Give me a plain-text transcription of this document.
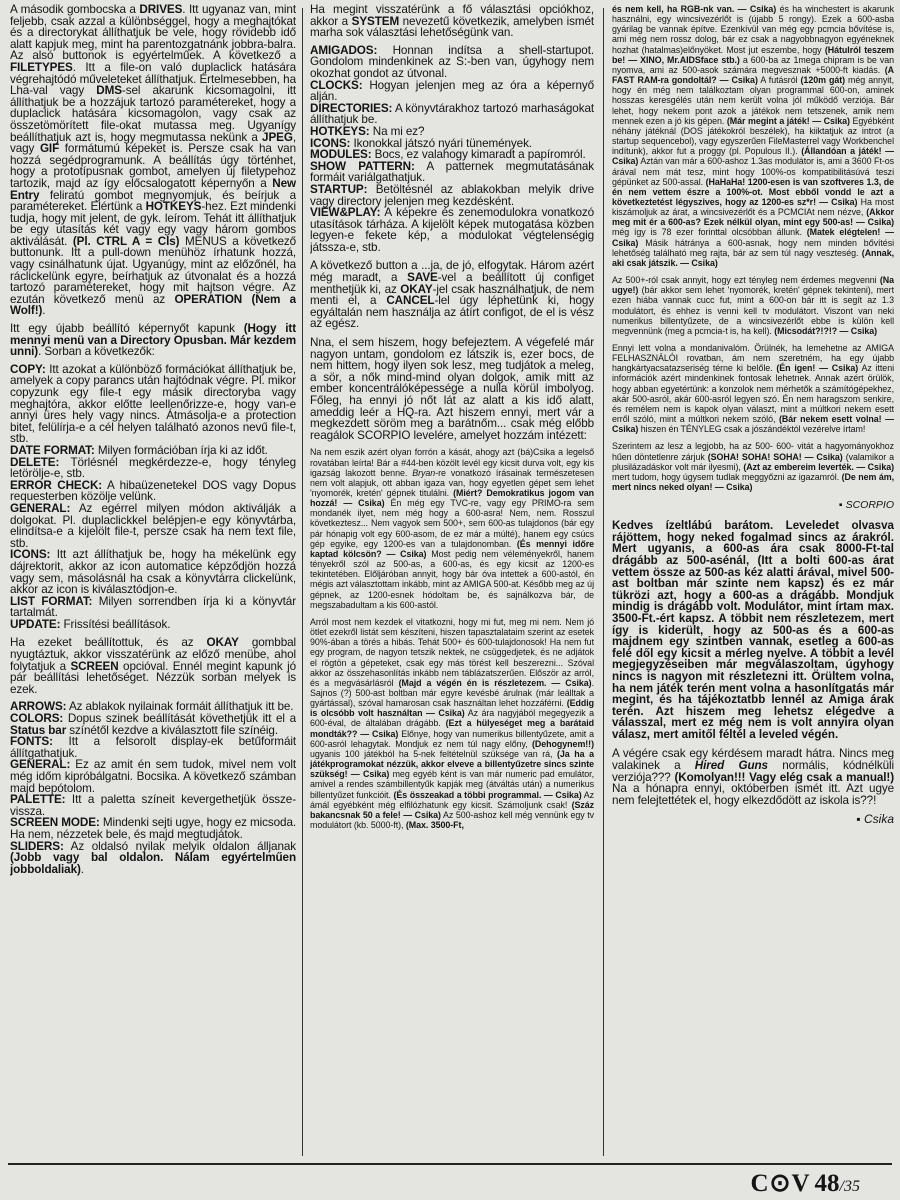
A második gombocska a DRIVES. Itt ugyanaz van, mint feljebb, csak azzal a különbséggel, hogy a meghajtókat és a directorykat állíthatjuk be vele, hogy rövidebb idő alatt kapjuk meg, mint ha parentozgatnánk jobbra-balra. Az alsó buttonok is egyértelműek. A következő a FILETYPES. Itt a file-on való duplaclick hatására végrehajtódó műveleteket állíthatjuk. Értelmesebben, ha Lha-val vagy DMS-sel akarunk kicsomagolni, itt állíthatjuk be a hozzájuk tartozó paramétereket, hogy a duplaclick hatására kicsomagolon, vagy csak az összetömörített file-okat mutassa meg. Ugyanígy beállíthatjuk azt is, hogy megmutassa nekünk a JPEG, vagy GIF formátumú képeket is. Persze csak ha van hozzá segédprogramunk. A beállítás úgy történhet, hogy a prototípusnak gombot, amelyen új filetypehoz tartozik, majd az így előcsalogatott képernyőn a New Entry feliratú gombot megnyomjuk, és beírjuk a paramétereket. Elértünk a HOTKEYS-hez. Ezt mindenki tudja, hogy mit jelent, de gyk. leírom. Tehát itt állíthatjuk be egy utasítás két vagy egy vagy három gombos aktiválását. (Pl. CTRL A = Cls) MENUS a következő buttonunk. Itt a pull-down menühöz írhatunk hozzá, vagy csinálhatunk újat. Ugyanúgy, mint az előzőnél, ha ráclickelünk egyre, beírhatjuk az útvonalat és a hozzá tartozó paramétereket, hogy mit hajtson végre. Az ezután következő menü az OPERATION (Nem a Wolf!).

Itt egy újabb beállító képernyőt kapunk (Hogy itt mennyi menü van a Directory Opusban. Már kezdem unni). Sorban a következők:

COPY: Itt azokat a különböző formációkat állíthatjuk be, amelyek a copy parancs után hajtódnak végre. Pl. mikor copyzunk egy file-t egy másik directoryba vagy meghajtóra, akkor előtte leellenőrizze-e, hogy van-e annyi üres hely vagy nincs. Átmásolja-e a protection bitet, felülírja-e a cél helyen található azonos nevű file-t, stb.

DATE FORMAT: Milyen formációban írja ki az időt.

DELETE: Törlésnél megkérdezze-e, hogy tényleg letörölje-e, stb.

ERROR CHECK: A hibaüzenetekel DOS vagy Dopus requesterben közölje velünk.

GENERAL: Az egérrel milyen módon aktiválják a dolgokat. Pl. duplaclickkel belépjen-e egy könyvtárba, elindítsa-e a kijelölt file-t, persze csak ha nem text file, stb.

ICONS: Itt azt állíthatjuk be, hogy ha mékelünk egy dájrektorit, akkor az icon automatice képződjön hozzá vagy sem, másolásnál ha csak a könyvtárra clickelünk, akkor az icon is kiválasztódjon-e.

LIST FORMAT: Milyen sorrendben írja ki a könyvtár tartalmát.

UPDATE: Frissítési beállítások.

Ha ezeket beállítottuk, és az OKAY gombbal nyugtáztuk, akkor visszatérünk az előző menübe, ahol folytatjuk a SCREEN opcióval. Ennél megint kapunk jó pár beállítási lehetőséget. Nézzük sorban melyek is ezek.

ARROWS: Az ablakok nyilainak formáit állíthatjuk itt be.

COLORS: Dopus szinek beállítását követhetjük itt el a Status bar színétől kezdve a kiválasztott file színéig.

FONTS: Itt a felsorolt display-ek betűformáit állítgathatjuk.

GENERAL: Ez az amit én sem tudok, mivel nem volt még időm kipróbálgatni. Bocsika. A következő számban majd bepótolom.

PALETTE: Itt a paletta színeit kevergethetjük össze-vissza.

SCREEN MODE: Mindenki sejti ugye, hogy ez micsoda. Ha nem, nézzetek bele, és majd megtudjátok.

SLIDERS: Az oldalsó nyilak melyik oldalon álljanak (Jobb vagy bal oldalon. Nálam egyértelműen jobboldaliak).

Ha megint visszatérünk a fő választási opciókhoz, akkor a SYSTEM nevezetű következik, amelyben ismét marha sok választási lehetőségünk van.

AMIGADOS: Honnan indítsa a shell-startupot. Gondolom mindenkinek az S:-ben van, úgyhogy nem okozhat gondot az útvonal.

CLOCKS: Hogyan jelenjen meg az óra a képernyő alján.

DIRECTORIES: A könyvtárakhoz tartozó marhaságokat állíthatjuk be.

HOTKEYS: Na mi ez?

ICONS: Ikonokkal játszó nyári tünemények.

MODULES: Bocs, ez valahogy kimaradt a papíromról.

SHOW PATTERN: A patternek megmutatásának formáit variálgathatjuk.

STARTUP: Betöltésnél az ablakokban melyik drive vagy directory jelenjen meg kezdésként.

VIEW&PLAY: A képekre és zenemodulokra vonatkozó utasítások tárháza. A kijelölt képek mutogatása közben legyen-e fekete kép, a modulokat végtelenségig játssza-e, stb.

A következő button a ...ja, de jó, elfogytak. Három azért még maradt, a SAVE-vel a beállított új configet menthetjük ki, az OKAY-jel csak használhatjuk, de nem menti el, a CANCEL-lel úgy léphetünk ki, hogy egyáltalán nem használja az átírt configot, de el is vész az egész.

Nna, el sem hiszem, hogy befejeztem. A végefelé már nagyon untam, gondolom ez látszik is, ezer bocs, de nem hittem, hogy ilyen sok lesz, meg tudjátok a meleg, a sör, a nők mind-mind olyan dolgok, amik mitt az ember koncentrálóképessége a nulla körül imbolyog. Főleg, ha ennyi jó nőt lát az alatt a kis idő alatt, ameddig leér a HQ-ra. Azt hiszem ennyi, mert vár a megkezdett söröm meg a barátnőm... csak még előbb reagálok SCORPIO levelére, amelyet hozzám intézett:

Na nem eszik azért olyan forrón a kását, ahogy azt (bá)Csika a legelső rovatában leírta! Bár a #44-ben közölt levél egy kicsit durva volt, egy kis igazság lakozott benne. Bryan-re vonatkozó írásainak természetesen nem volt alapjuk, ott abban igaza van, hogy egyetlen gépet sem lehet 'nyomorék, kretén' gépnek titulálni. (Miért? Demokratikus jogom van hozzá! — Csika) Én még egy TVC-re, vagy egy PRIMO-ra sem mondanék ilyet, nem még hogy a 600-asra! Nem, nem. Rosszul következtesz... Nem vagyok sem 500+, sem 600-as tulajdonos (bár egy pár hónapig volt egy 600-asom, de ez már a múlté), hanem egy csúcs gép egyike, egy 1200-es van a tulajdonomban. (És mennyi időre kaptad kölcsön? — Csika) Most pedig nem véleményekről, hanem tényekről szól az 500-as, a 600-as, és egy kicsit az 1200-es tekintetében. Előljáróban annyit, hogy bár óva intettek a 600-astól, én mégis azt választottam inkább, mint az AMIGA 500-at. Később meg az új gépnek, az 1200-esnek hódoltam be, és sajnálkozva bár, de megszabadultam a kis 600-astól.

Arról most nem kezdek el vitatkozni, hogy mi fut, meg mi nem. Nem jó ötlet ezekről listát sem készíteni, hiszen tapasztalataim szerint az esetek 90%-ában a törés a hibás. Tehát 500+ és 600-tulajdonosok! Ha nem fut egy program, de nagyon tetszik nektek, ne csüggedjetek, és ne adjátok el rögtön a gépeteket, csak egy más törést kell beszerezni... Szóval akkor az összehasonlítás inkább nem táblázatszerűen. Először az arról, és a megvásárlásról (Majd a végén én is részletezem. — Csika). Sajnos (?) 500-ast boltban már egyre kevésbé árulnak (már leálltak a gyártással), szóval hamarosan csak használtan lehet hozzáférni. (Eddig is olcsóbb volt használtan — Csika) Az ára nagyjából megegyezik a 600-éval, de általában drágább. (Ezt a hülyeséget meg a barátaid mondták?? — Csika) Előnye, hogy van numerikus billentyűzete, amit a 600-asról lehagytak. Mondjuk ez nem túl nagy előny, (Dehogynem!!) ugyanis 100 játékból ha 5-nek feltételnül szüksége van rá, (Ja ha a játékprogramokat nézzük, akkor elveve a billentyűzetre sincs szinte szükség! — Csika) meg egyéb ként is van már numeric pad emulátor, amivel a rendes számbillentyűk kapják meg (átváltás után) a numerikus billentyűzet funkcióit. (És összeakad a többi programmal. — Csika) Az ámál egyébként még elfilózhatunk egy kicsit. Számoljunk csak! (Száz bakancsnak 50 a fele! — Csika) Az 500-ashoz kell még vennünk egy tv modulátort (kb. 5000-ft), (Max. 3500-Ft,

és nem kell, ha RGB-nk van. — Csika) és ha winchestert is akarunk használni, egy wincsivezérlőt is (újabb 5 rongy). Ezek a 600-asba gyárilag be vannak építve. Ezenkívül van még egy pcmcia bővítése is, ami még nem rossz dolog, bár ez csak a nagyobbnagyon egyéneknek hozhat (hatalmas)előnyöket. Most jut eszembe, hogy (Hátulról teszem be! — XINO, Mr.AIDSface stb.) a 600-ba az 1mega chipram is be van nyomva, ami az 500-asok számára megvesznak +5000-ft kiadás. (A FAST RAM-ra gondoltál? — Csika) A futásról (120m gát) még annyit, hogy én még nem találkoztam olyan programmal 600-on, aminek hosszas keresgélés után nem került volna jól működő verziója. Bár lehet, hogy nekem pont azok a játékok nem tetszenek, amik nem mennek ezen a jó kis gépen. (Már megint a játék! — Csika) Egyébként néhány játéknál (DOS játékokról beszélek), ha kiiktatjuk az introt (a startup sequencebol), vagy egyszerűen FileMasterrel vagy Workbenchel indítunk), akkor fut a proggy (pl. Populous II.). (Állandóan a játék! — Csika) Aztán van már a 600-ashoz 1.3as modulátor is, ami a 3600 Ft-os árával nem mát tesz, mint hogy 100%-os kompatibilitásúvá teszi gépünket az 500-assal. (HaHaHa! 1200-esen is van szoftveres 1.3, de én nem vettem észre a 100%-ot. Most ebből vondd le azt a következtetést légyszives, hogy az 1200-es sz*r! — Csika) Ha most kiszámoljuk az árat, a wincsivezérlőt és a PCMCIAt nem nézve, (Akkor meg mit ér a 600-as? Ezek nélkül olyan, mint egy 500-as! — Csika) még így is 78 ezer forinttal olcsóbban állunk. (Matek elégtelen! — Csika) Másik hátránya a 600-asnak, hogy nem minden bővítési lehetőség található meg rajta, bár az sem túl nagy veszteség. (Annak, aki csak játszik. — Csika)

Az 500+-ról csak annyit, hogy ezt tényleg nem érdemes megvenni (Na ugye!) (bár akkor sem lehet 'nyomorék, kretén' gépnek tekinteni), mert ezen hiába vannak cucc fut, mint a 600-on bár itt is segít az 1.3 modulátort, és ehhez is venni kell tv modulátort. Viszont van neki numerikus billentyűzete, de a wincsivezérlőt ebbe is külön kell megvennünk (meg a pcmcia-t is, ha kell). (Micsodát?!?!? — Csika)

Ennyi lett volna a mondanivalóm. Örülnék, ha lemehetne az AMIGA FELHASZNÁLÓI rovatban, ám nem szeretném, ha egy újabb hangkártyacsatazseriség térne ki belőle. (Én igen! — Csika) Az itteni információk azért mindenkinek fontosak lehetnek. Annak azért örülök, hogy abban egyetértünk: a konzolok nem mérhetők a számítógépekhez, akár 500-asról, akár 600-asról legyen szó. Én nem haragszom senkire, és remélem nem is kapok olyan választ, mint a múltkori nekem esett erről szóló, mint a múltkori nekem szóló, (Bár nekem esett volna! — Csika) hiszen én TÉNYLEG csak a jószándéktól vezérelve írtam!

Szerintem az lesz a legjobb, ha az 500- 600- vitát a hagyományokhoz hűen döntetlenre zárjuk (SOHA! SOHA! SOHA! — Csika) (valamikor a plusilázadáskor volt már ilyesmi), (Azt az embereim leverték. — Csika) mert tudom, hogy úgysem tudlak meggyőzni az igazamról. (De nem ám, mert nincs neked olyan! — Csika)

▪ SCORPIO

Kedves ízeltlábú barátom. Leveledet olvasva rájöttem, hogy neked fogalmad sincs az árakról. Mert ugyanis, a 600-as ára csak 8000-Ft-tal drágább az 500-asénál, (Itt a bolti 600-as árat vettem össze az 500-as kéz alatti árával, mivel 500-ast boltban már szinte nem kapsz) és ez már tükrözi azt, hogy a 600-as a drágább. Mondjuk mindig is drágább volt. Modulátor, mint írtam max. 3500-Ft.-ért kapsz. A többit nem részletezem, mert így is kiderült, hogy az 500-as és a 600-as majdnem egy szintben vannak, esetleg a 600-as felé dől egy kicsit a mérleg nyelve. A többit a levél megjegyzéseiben már megválaszoltam, úgyhogy nincs is nagyon mit részletezni itt. Örültem volna, ha nem játék terén ment volna a hasonlítgatás már megint, és ha tájékoztatbb lennél az Amiga árak terén. Azt hiszem meg lehetsz elégedve a válasszal, mert ez még nem is volt annyira olyan válasz, mert amitől féltél a leveled végén.

A végére csak egy kérdésem maradt hátra. Nincs meg valakinek a Hired Guns normális, kódnélküli verziója??? (Komolyan!!! Vagy elég csak a manual!) Na a hónapra ennyi, októberben ismét itt. Azt ugye nem felejtettétek el, hogy elkezdődött az iskola is??!

▪ Csika
C⊙V 48/35
